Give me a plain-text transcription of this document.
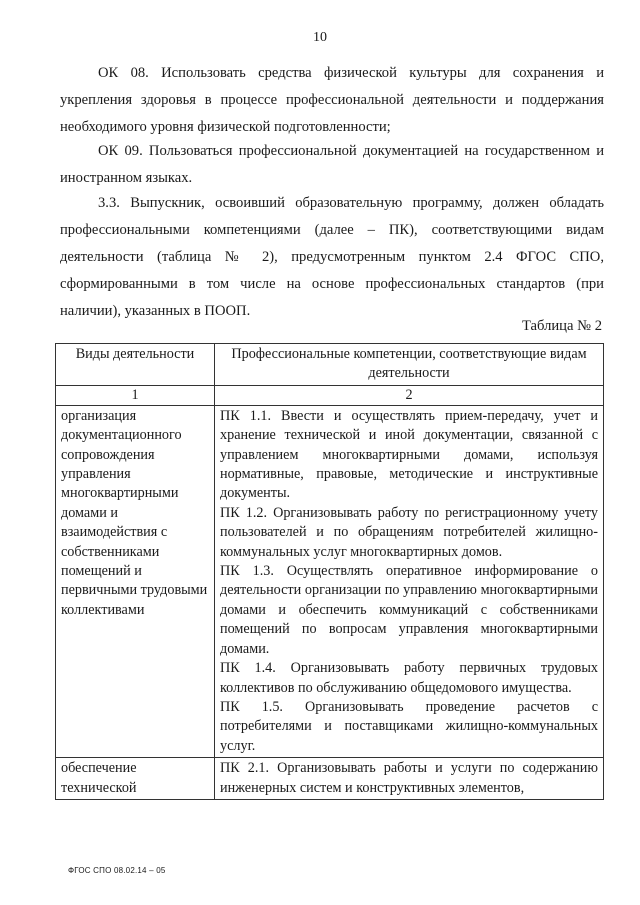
10

ОК 08. Использовать средства физической культуры для сохранения и укрепления здоровья в процессе профессиональной деятельности и поддержания необходимого уровня физической подготовленности;

ОК 09. Пользоваться профессиональной документацией на государственном и иностранном языках.

3.3. Выпускник, освоивший образовательную программу, должен обладать профессиональными компетенциями (далее – ПК), соответствующими видам деятельности (таблица № 2), предусмотренным пунктом 2.4 ФГОС СПО, сформированными в том числе на основе профессиональных стандартов (при наличии), указанных в ПООП.

Таблица № 2
Виды деятельности	Профессиональные компетенции, соответствующие видам деятельности
1	2
организация документационного сопровождения управления многоквартирными домами и взаимодействия с собственниками помещений и первичными трудовыми коллективами	ПК 1.1. Ввести и осуществлять прием-передачу, учет и хранение технической и иной документации, связанной с управлением многоквартирными домами, используя нормативные, правовые, методические и инструктивные документы.

ПК 1.2. Организовывать работу по регистрационному учету пользователей и по обращениям потребителей жилищно-коммунальных услуг многоквартирных домов.

ПК 1.3. Осуществлять оперативное информирование о деятельности организации по управлению многоквартирными домами и обеспечить коммуникаций с собственниками помещений по вопросам управления многоквартирными домами.

ПК 1.4. Организовывать работу первичных трудовых коллективов по обслуживанию общедомового имущества.

ПК 1.5. Организовывать проведение расчетов с потребителями и поставщиками жилищно-коммунальных услуг.

обеспечение технической	ПК 2.1. Организовывать работы и услуги по содержанию инженерных систем и конструктивных элементов,

ФГОС СПО 08.02.14 – 05
